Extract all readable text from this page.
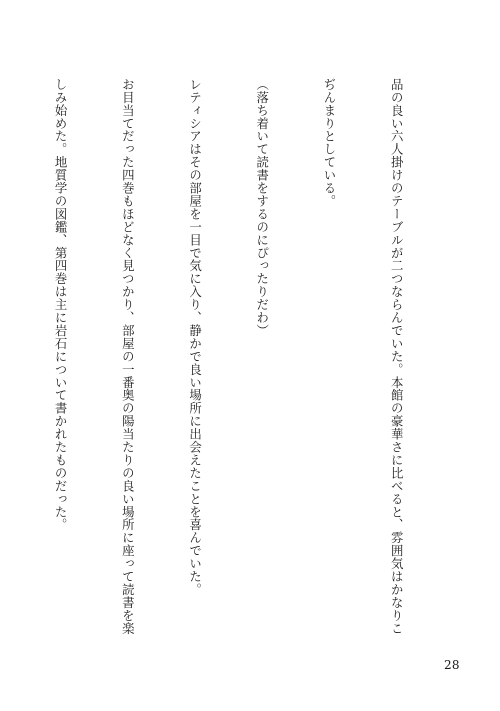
品の良い六人掛けのテーブルが二つならんでいた。本館の豪華さに比べると、雰囲気はかなりこ

ぢんまりとしている。

（落ち着いて読書をするのにぴったりだわ）

レティシアはその部屋を一目で気に入り、静かで良い場所に出会えたことを喜んでいた。

お目当てだった四巻もほどなく見つかり、部屋の一番奥の陽当たりの良い場所に座って読書を楽

しみ始めた。地質学の図鑑、第四巻は主に岩石について書かれたものだった。

28
